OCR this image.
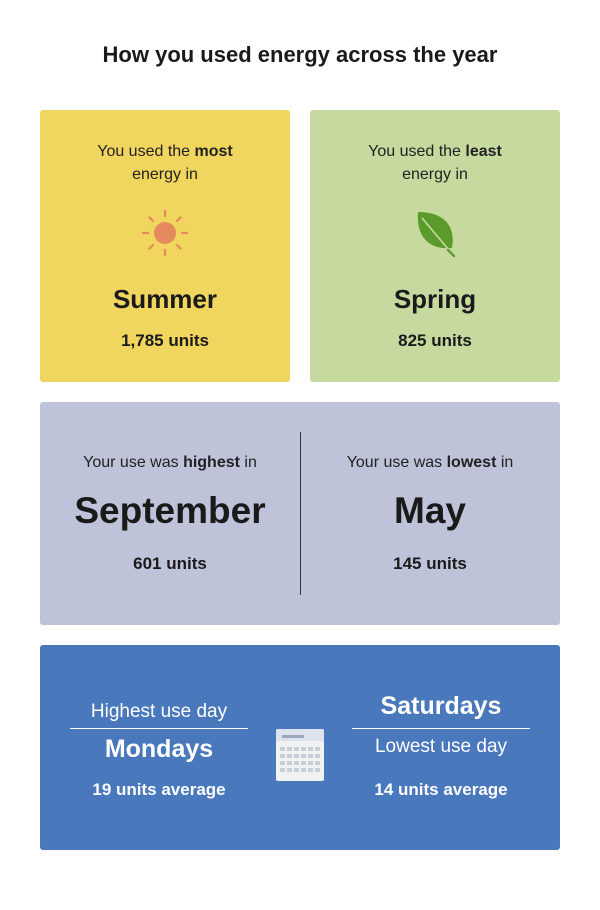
How you used energy across the year
You used the most
energy in
Summer
1,785 units
You used the least
energy in
Spring
825 units
Your use was highest in
September
601 units
Your use was lowest in
May
145 units
Highest use day
Mondays
19 units average
Saturdays
Lowest use day
14 units average
